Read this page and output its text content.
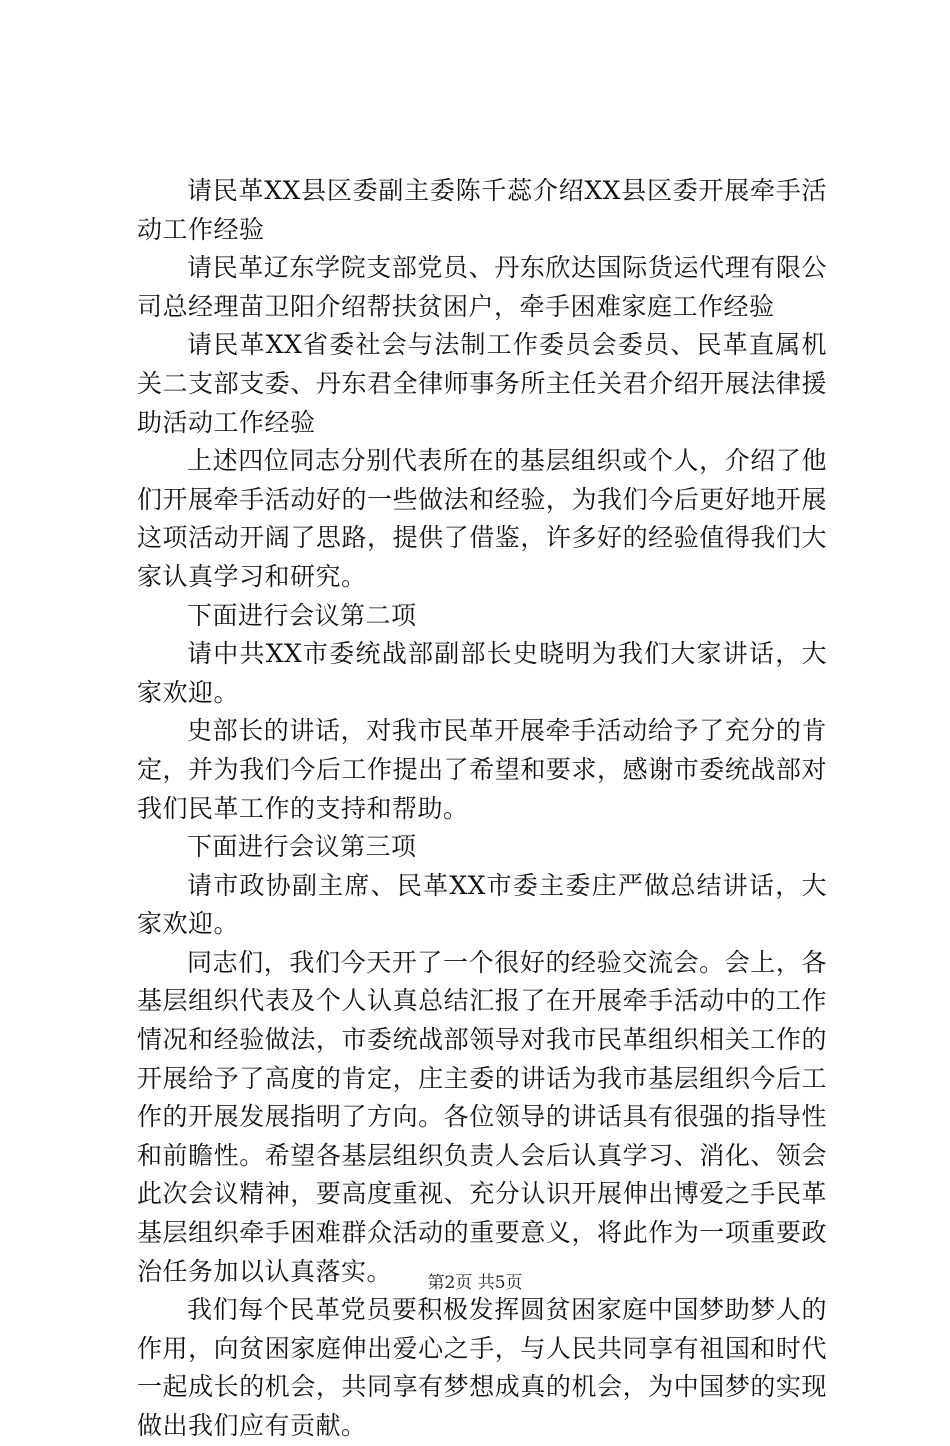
请民革XX县区委副主委陈千蕊介绍XX县区委开展牵手活动工作经验

请民革辽东学院支部党员、丹东欣达国际货运代理有限公司总经理苗卫阳介绍帮扶贫困户，牵手困难家庭工作经验

请民革XX省委社会与法制工作委员会委员、民革直属机关二支部支委、丹东君全律师事务所主任关君介绍开展法律援助活动工作经验

上述四位同志分别代表所在的基层组织或个人，介绍了他们开展牵手活动好的一些做法和经验，为我们今后更好地开展这项活动开阔了思路，提供了借鉴，许多好的经验值得我们大家认真学习和研究。

下面进行会议第二项

请中共XX市委统战部副部长史晓明为我们大家讲话，大家欢迎。

史部长的讲话，对我市民革开展牵手活动给予了充分的肯定，并为我们今后工作提出了希望和要求，感谢市委统战部对我们民革工作的支持和帮助。

下面进行会议第三项

请市政协副主席、民革XX市委主委庄严做总结讲话，大家欢迎。

同志们，我们今天开了一个很好的经验交流会。会上，各基层组织代表及个人认真总结汇报了在开展牵手活动中的工作情况和经验做法，市委统战部领导对我市民革组织相关工作的开展给予了高度的肯定，庄主委的讲话为我市基层组织今后工作的开展发展指明了方向。各位领导的讲话具有很强的指导性和前瞻性。希望各基层组织负责人会后认真学习、消化、领会此次会议精神，要高度重视、充分认识开展伸出博爱之手民革基层组织牵手困难群众活动的重要意义，将此作为一项重要政治任务加以认真落实。

我们每个民革党员要积极发挥圆贫困家庭中国梦助梦人的作用，向贫困家庭伸出爱心之手，与人民共同享有祖国和时代一起成长的机会，共同享有梦想成真的机会，为中国梦的实现做出我们应有贡献。

第2页 共5页
